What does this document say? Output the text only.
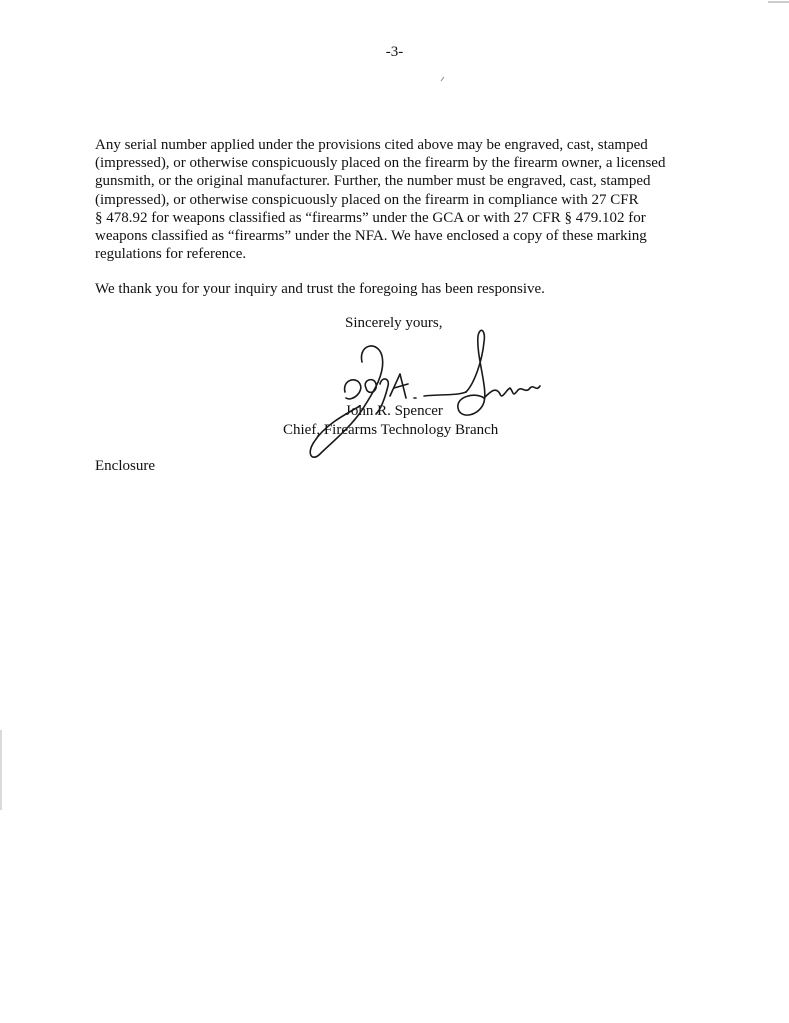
-3-

Any serial number applied under the provisions cited above may be engraved, cast, stamped
(impressed), or otherwise conspicuously placed on the firearm by the firearm owner, a licensed
gunsmith, or the original manufacturer. Further, the number must be engraved, cast, stamped
(impressed), or otherwise conspicuously placed on the firearm in compliance with 27 CFR
§ 478.92 for weapons classified as “firearms” under the GCA or with 27 CFR § 479.102 for
weapons classified as “firearms” under the NFA. We have enclosed a copy of these marking
regulations for reference.

We thank you for your inquiry and trust the foregoing has been responsive.

Sincerely yours,
John R. Spencer
Chief, Firearms Technology Branch
Enclosure
